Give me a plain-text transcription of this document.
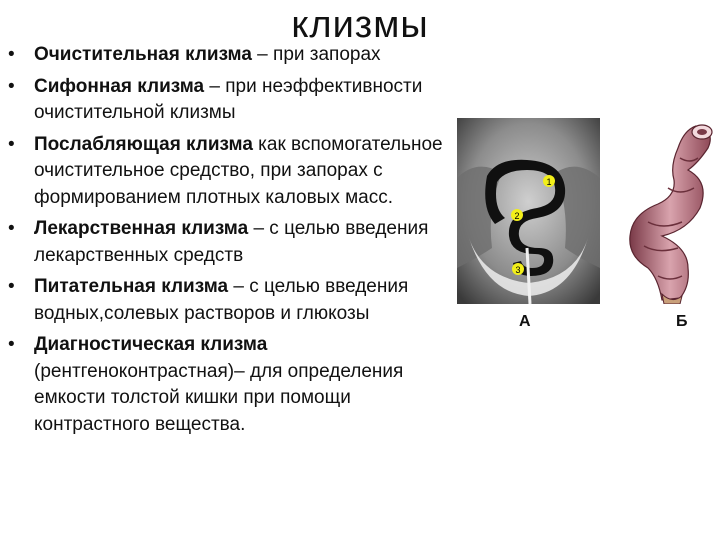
клизмы
• Очистительная клизма – при запорах
• Сифонная клизма – при неэффективности очистительной клизмы
• Послабляющая клизма как вспомогательное очистительное средство, при запорах с формированием плотных каловых масс.
• Лекарственная клизма – с целью введения лекарственных средств
• Питательная клизма – с целью введения водных,солевых растворов и глюкозы
• Диагностическая клизма (рентгеноконтрастная)– для определения емкости толстой кишки при помощи контрастного вещества.
1
2
3
А	Б
